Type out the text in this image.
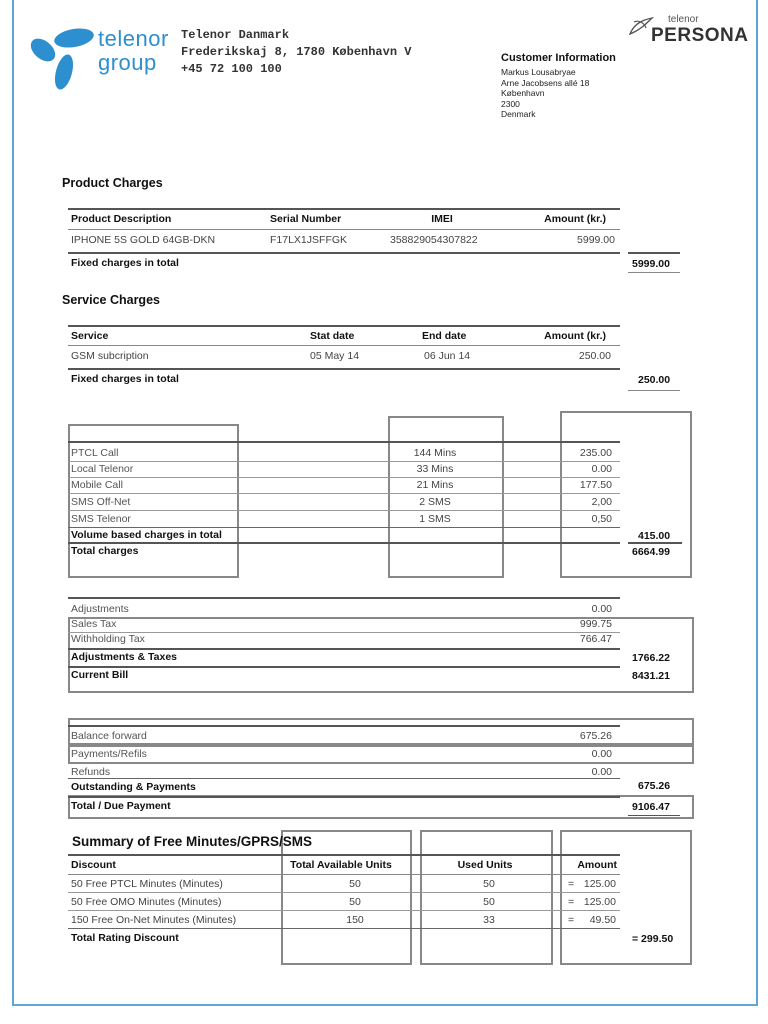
telenor
group
Telenor Danmark
Frederikskaj 8, 1780 København V
+45 72 100 100
telenor
PERSONA
Customer Information
Markus Lousabryae
Arne Jacobsens allé 18
København
2300
Denmark
Product Charges
Product Description	Serial Number	IMEI	Amount (kr.)
IPHONE 5S GOLD 64GB-DKN	F17LX1JSFFGK	358829054307822	5999.00
Fixed charges in total	5999.00
Service Charges
Service	Stat date	End date	Amount (kr.)
GSM subcription	05 May 14	06 Jun 14	250.00
Fixed charges in total	250.00
PTCL Call	144 Mins	235.00
Local Telenor	33 Mins	0.00
Mobile Call	21 Mins	177.50
SMS Off-Net	2 SMS	2,00
SMS Telenor	1 SMS	0,50
Volume based charges in total	415.00
Total charges	6664.99
Adjustments	0.00
Sales Tax	999.75
Withholding Tax	766.47
Adjustments & Taxes	1766.22
Current Bill	8431.21
Balance forward	675.26
Payments/Refils	0.00
Refunds	0.00
Outstanding & Payments	675.26
Total / Due Payment	9106.47
Summary of Free Minutes/GPRS/SMS
Discount	Total Available Units	Used Units	Amount
50 Free PTCL Minutes (Minutes)	50	50	= 125.00
50 Free OMO Minutes (Minutes)	50	50	= 125.00
150 Free On-Net Minutes (Minutes)	150	33	=	49.50
Total Rating Discount	= 299.50
